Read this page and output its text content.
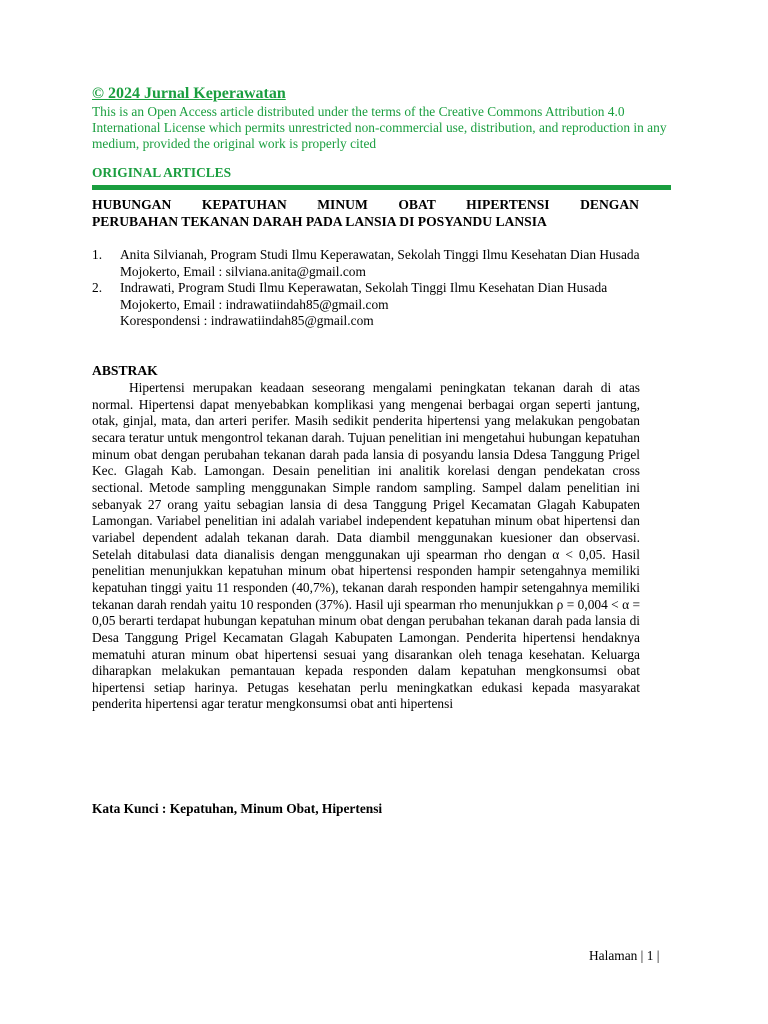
© 2024 Jurnal Keperawatan
This is an Open Access article distributed under the terms of the Creative Commons Attribution 4.0 International License which permits unrestricted non-commercial use, distribution, and reproduction in any medium, provided the original work is properly cited
ORIGINAL ARTICLES
HUBUNGAN KEPATUHAN MINUM OBAT HIPERTENSI DENGAN
PERUBAHAN TEKANAN DARAH PADA LANSIA DI POSYANDU LANSIA
1. Anita Silvianah, Program Studi Ilmu Keperawatan, Sekolah Tinggi Ilmu Kesehatan Dian Husada Mojokerto, Email : silviana.anita@gmail.com
2. Indrawati, Program Studi Ilmu Keperawatan, Sekolah Tinggi Ilmu Kesehatan Dian Husada Mojokerto, Email : indrawatiindah85@gmail.com
Korespondensi : indrawatiindah85@gmail.com
ABSTRAK
Hipertensi merupakan keadaan seseorang mengalami peningkatan tekanan darah di atas normal. Hipertensi dapat menyebabkan komplikasi yang mengenai berbagai organ seperti jantung, otak, ginjal, mata, dan arteri perifer. Masih sedikit penderita hipertensi yang melakukan pengobatan secara teratur untuk mengontrol tekanan darah. Tujuan penelitian ini mengetahui hubungan kepatuhan minum obat dengan perubahan tekanan darah pada lansia di posyandu lansia Ddesa Tanggung Prigel Kec. Glagah Kab. Lamongan. Desain penelitian ini analitik korelasi dengan pendekatan cross sectional. Metode sampling menggunakan Simple random sampling. Sampel dalam penelitian ini sebanyak 27 orang yaitu sebagian lansia di desa Tanggung Prigel Kecamatan Glagah Kabupaten Lamongan. Variabel penelitian ini adalah variabel independent kepatuhan minum obat hipertensi dan variabel dependent adalah tekanan darah. Data diambil menggunakan kuesioner dan observasi. Setelah ditabulasi data dianalisis dengan menggunakan uji spearman rho dengan α < 0,05. Hasil penelitian menunjukkan kepatuhan minum obat hipertensi responden hampir setengahnya memiliki kepatuhan tinggi yaitu 11 responden (40,7%), tekanan darah responden hampir setengahnya memiliki tekanan darah rendah yaitu 10 responden (37%). Hasil uji spearman rho menunjukkan ρ = 0,004 < α = 0,05 berarti terdapat hubungan kepatuhan minum obat dengan perubahan tekanan darah pada lansia di Desa Tanggung Prigel Kecamatan Glagah Kabupaten Lamongan. Penderita hipertensi hendaknya mematuhi aturan minum obat hipertensi sesuai yang disarankan oleh tenaga kesehatan. Keluarga diharapkan melakukan pemantauan kepada responden dalam kepatuhan mengkonsumsi obat hipertensi setiap harinya. Petugas kesehatan perlu meningkatkan edukasi kepada masyarakat penderita hipertensi agar teratur mengkonsumsi obat anti hipertensi
Kata Kunci : Kepatuhan, Minum Obat, Hipertensi
Halaman | 1 |
